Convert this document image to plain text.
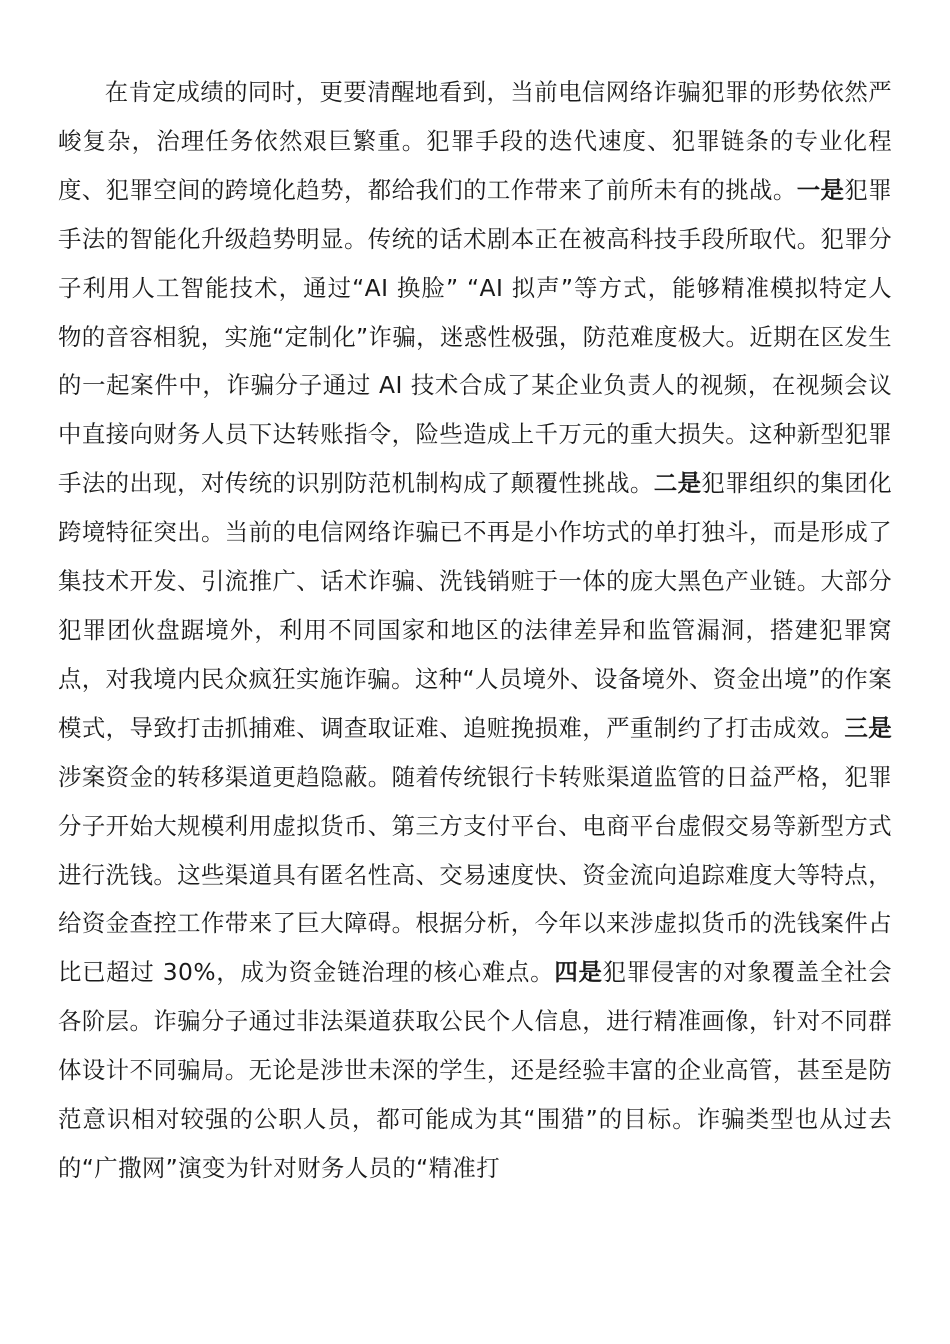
在肯定成绩的同时，更要清醒地看到，当前电信网络诈骗犯罪的形势依然严峻复杂，治理任务依然艰巨繁重。犯罪手段的迭代速度、犯罪链条的专业化程度、犯罪空间的跨境化趋势，都给我们的工作带来了前所未有的挑战。一是犯罪手法的智能化升级趋势明显。传统的话术剧本正在被高科技手段所取代。犯罪分子利用人工智能技术，通过“AI 换脸” “AI 拟声”等方式，能够精准模拟特定人物的音容相貌，实施“定制化”诈骗，迷惑性极强，防范难度极大。近期在区发生的一起案件中，诈骗分子通过 AI 技术合成了某企业负责人的视频，在视频会议中直接向财务人员下达转账指令，险些造成上千万元的重大损失。这种新型犯罪手法的出现，对传统的识别防范机制构成了颠覆性挑战。二是犯罪组织的集团化跨境特征突出。当前的电信网络诈骗已不再是小作坊式的单打独斗，而是形成了集技术开发、引流推广、话术诈骗、洗钱销赃于一体的庞大黑色产业链。大部分犯罪团伙盘踞境外，利用不同国家和地区的法律差异和监管漏洞，搭建犯罪窝点，对我境内民众疯狂实施诈骗。这种“人员境外、设备境外、资金出境”的作案模式，导致打击抓捕难、调查取证难、追赃挽损难，严重制约了打击成效。三是涉案资金的转移渠道更趋隐蔽。随着传统银行卡转账渠道监管的日益严格，犯罪分子开始大规模利用虚拟货币、第三方支付平台、电商平台虚假交易等新型方式进行洗钱。这些渠道具有匿名性高、交易速度快、资金流向追踪难度大等特点，给资金查控工作带来了巨大障碍。根据分析，今年以来涉虚拟货币的洗钱案件占比已超过 30%，成为资金链治理的核心难点。四是犯罪侵害的对象覆盖全社会各阶层。诈骗分子通过非法渠道获取公民个人信息，进行精准画像，针对不同群体设计不同骗局。无论是涉世未深的学生，还是经验丰富的企业高管，甚至是防范意识相对较强的公职人员，都可能成为其“围猎”的目标。诈骗类型也从过去的“广撒网”演变为针对财务人员的“精准打
